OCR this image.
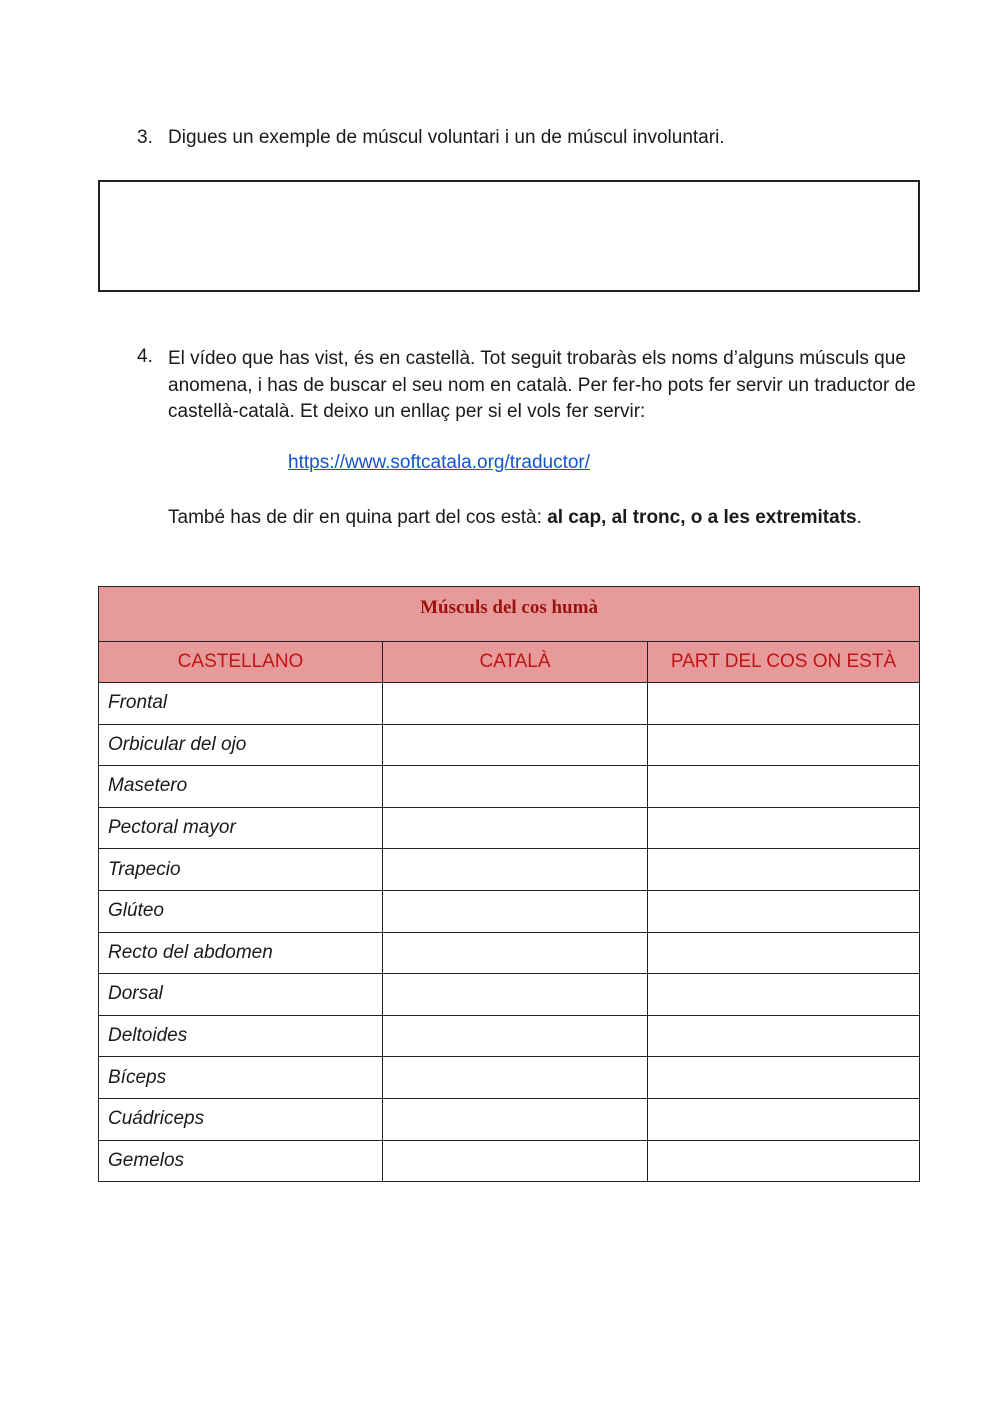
3. Digues un exemple de múscul voluntari i un de múscul involuntari.
4. El vídeo que has vist, és en castellà. Tot seguit trobaràs els noms d’alguns músculs que anomena, i has de buscar el seu nom en català. Per fer-ho pots fer servir un traductor de castellà-català. Et deixo un enllaç per si el vols fer servir:
https://www.softcatala.org/traductor/
També has de dir en quina part del cos està: al cap, al tronc, o a les extremitats.
Músculs del cos humà		
CASTELLANO	CATALÀ	PART DEL COS ON ESTÀ
Frontal		
Orbicular del ojo		
Masetero		
Pectoral mayor		
Trapecio		
Glúteo		
Recto del abdomen		
Dorsal		
Deltoides		
Bíceps		
Cuádriceps		
Gemelos		
